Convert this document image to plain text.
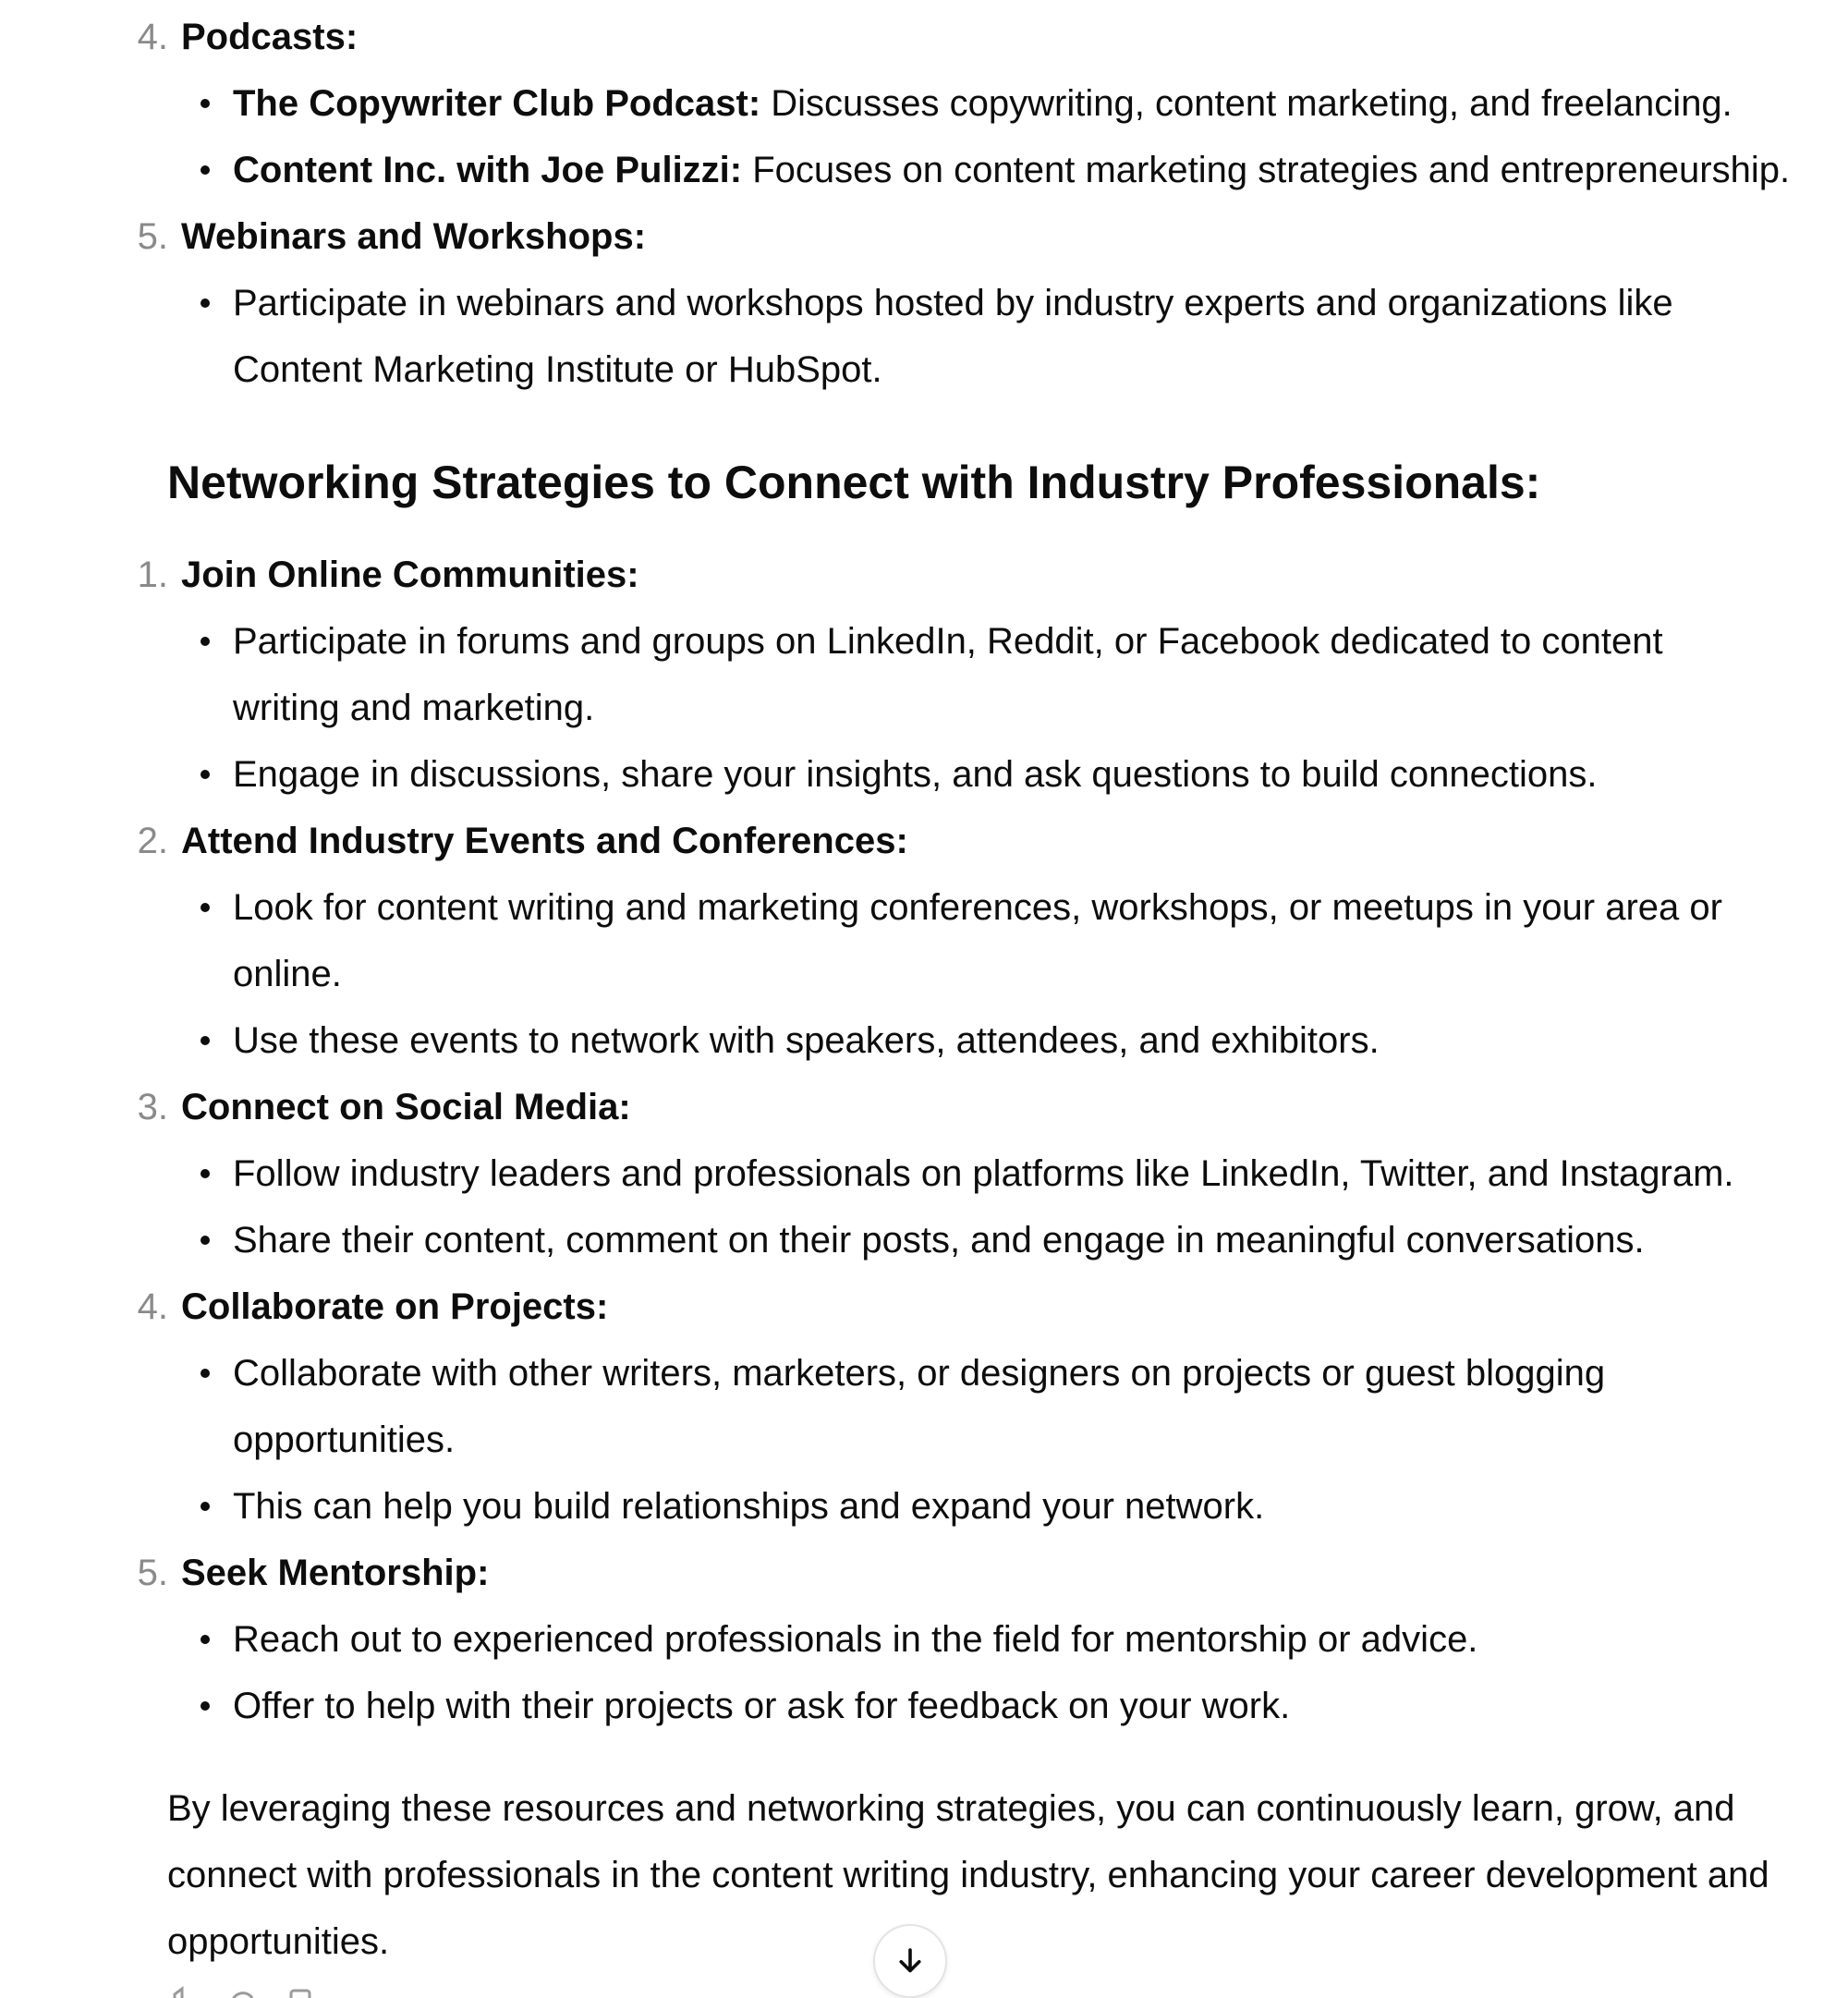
4. Podcasts:
The Copywriter Club Podcast: Discusses copywriting, content marketing, and freelancing.
Content Inc. with Joe Pulizzi: Focuses on content marketing strategies and entrepreneurship.
5. Webinars and Workshops:
Participate in webinars and workshops hosted by industry experts and organizations like Content Marketing Institute or HubSpot.
Networking Strategies to Connect with Industry Professionals:
1. Join Online Communities:
Participate in forums and groups on LinkedIn, Reddit, or Facebook dedicated to content writing and marketing.
Engage in discussions, share your insights, and ask questions to build connections.
2. Attend Industry Events and Conferences:
Look for content writing and marketing conferences, workshops, or meetups in your area or online.
Use these events to network with speakers, attendees, and exhibitors.
3. Connect on Social Media:
Follow industry leaders and professionals on platforms like LinkedIn, Twitter, and Instagram.
Share their content, comment on their posts, and engage in meaningful conversations.
4. Collaborate on Projects:
Collaborate with other writers, marketers, or designers on projects or guest blogging opportunities.
This can help you build relationships and expand your network.
5. Seek Mentorship:
Reach out to experienced professionals in the field for mentorship or advice.
Offer to help with their projects or ask for feedback on your work.

By leveraging these resources and networking strategies, you can continuously learn, grow, and connect with professionals in the content writing industry, enhancing your career development and opportunities.
